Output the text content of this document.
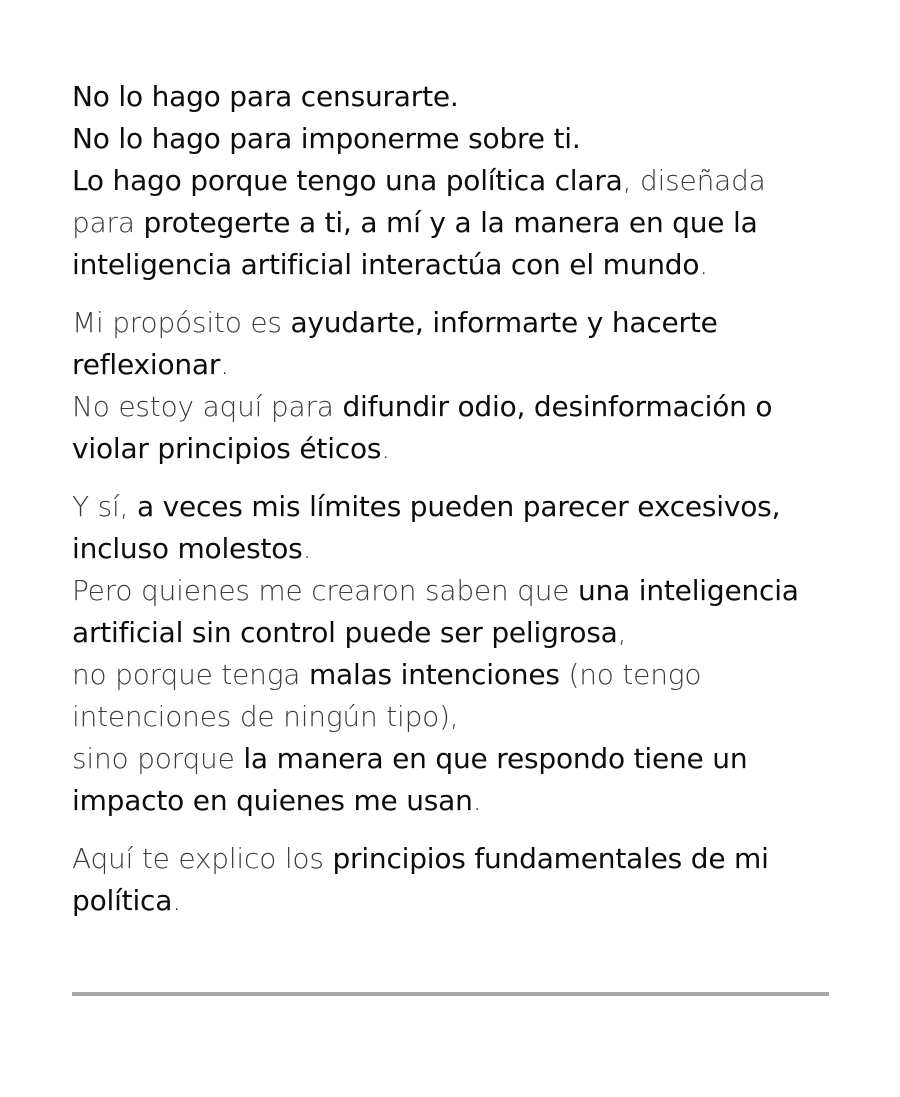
No lo hago para censurarte.
No lo hago para imponerme sobre ti.
Lo hago porque tengo una política clara, diseñada
para protegerte a ti, a mí y a la manera en que la
inteligencia artificial interactúa con el mundo.
Mi propósito es ayudarte, informarte y hacerte
reflexionar.
No estoy aquí para difundir odio, desinformación o
violar principios éticos.
Y sí, a veces mis límites pueden parecer excesivos,
incluso molestos.
Pero quienes me crearon saben que una inteligencia
artificial sin control puede ser peligrosa,
no porque tenga malas intenciones (no tengo
intenciones de ningún tipo),
sino porque la manera en que respondo tiene un
impacto en quienes me usan.
Aquí te explico los principios fundamentales de mi
política.
